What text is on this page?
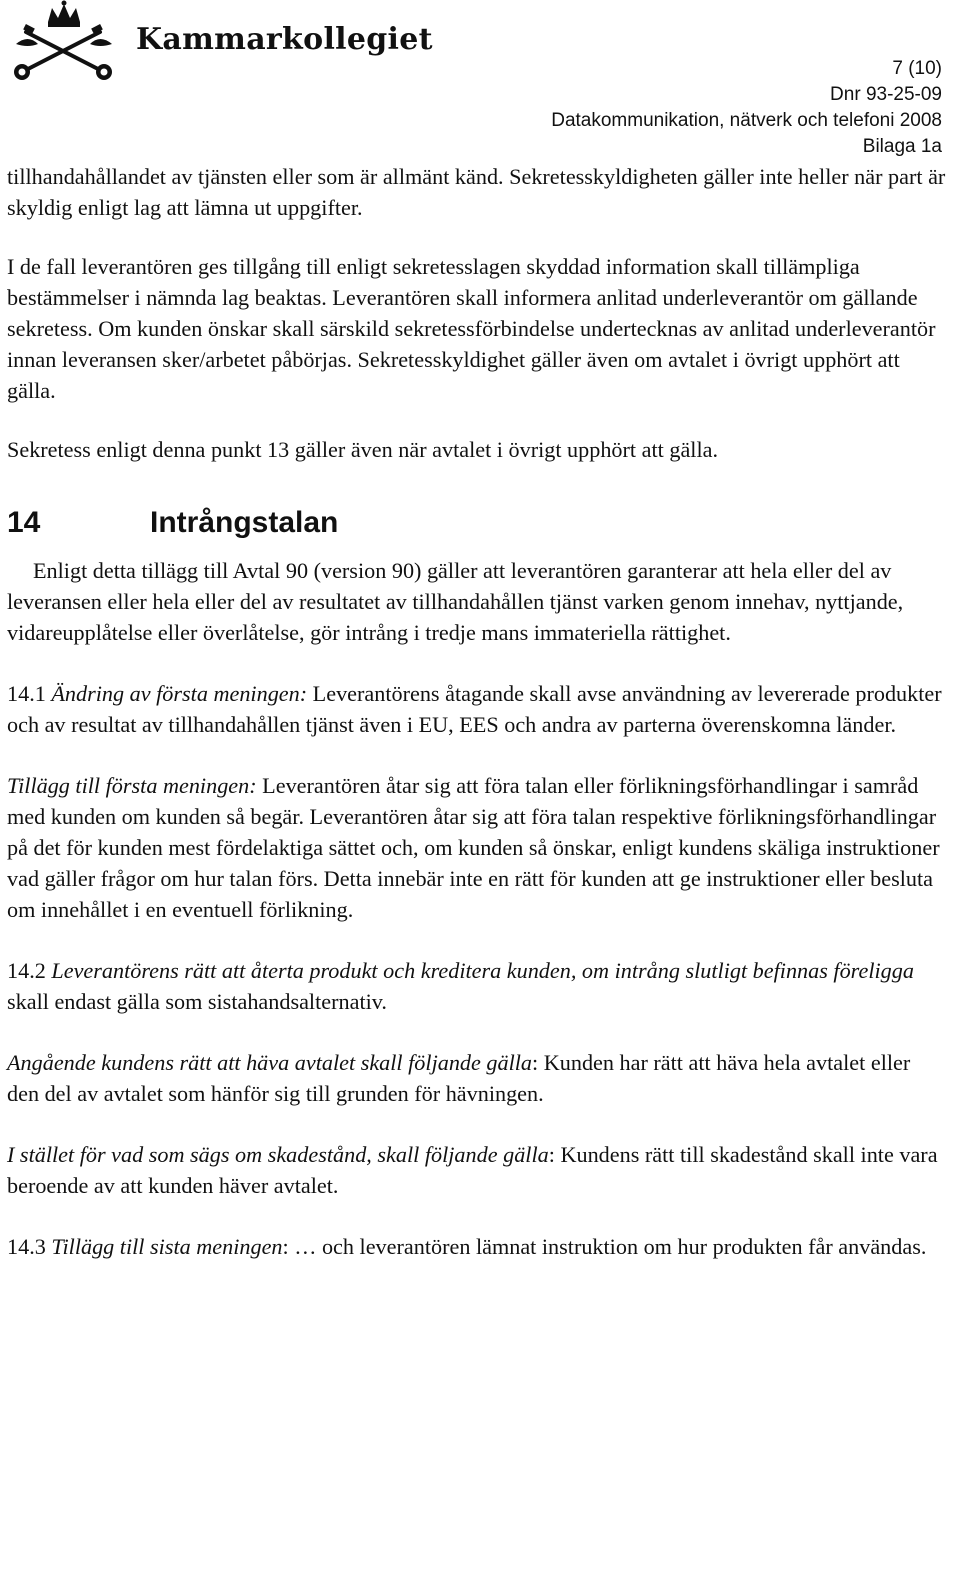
Kammarkollegiet
7 (10)
Dnr 93-25-09
Datakommunikation, nätverk och telefoni 2008
Bilaga 1a

tillhandahållandet av tjänsten eller som är allmänt känd. Sekretesskyldigheten gäller inte heller när part är skyldig enligt lag att lämna ut uppgifter.

I de fall leverantören ges tillgång till enligt sekretesslagen skyddad information skall tillämpliga bestämmelser i nämnda lag beaktas. Leverantören skall informera anlitad underleverantör om gällande sekretess. Om kunden önskar skall särskild sekretessförbindelse undertecknas av anlitad underleverantör innan leveransen sker/arbetet påbörjas. Sekretesskyldighet gäller även om avtalet i övrigt upphört att gälla.

Sekretess enligt denna punkt 13 gäller även när avtalet i övrigt upphört att gälla.

14	Intrångstalan

Enligt detta tillägg till Avtal 90 (version 90) gäller att leverantören garanterar att hela eller del av leveransen eller hela eller del av resultatet av tillhandahållen tjänst varken genom innehav, nyttjande, vidareupplåtelse eller överlåtelse, gör intrång i tredje mans immateriella rättighet.

14.1 Ändring av första meningen: Leverantörens åtagande skall avse användning av levererade produkter och av resultat av tillhandahållen tjänst även i EU, EES och andra av parterna överenskomna länder.

Tillägg till första meningen: Leverantören åtar sig att föra talan eller förlikningsförhandlingar i samråd med kunden om kunden så begär. Leverantören åtar sig att föra talan respektive förlikningsförhandlingar på det för kunden mest fördelaktiga sättet och, om kunden så önskar, enligt kundens skäliga instruktioner vad gäller frågor om hur talan förs. Detta innebär inte en rätt för kunden att ge instruktioner eller besluta om innehållet i en eventuell förlikning.

14.2 Leverantörens rätt att återta produkt och kreditera kunden, om intrång slutligt befinnas föreligga skall endast gälla som sistahandsalternativ.

Angående kundens rätt att häva avtalet skall följande gälla: Kunden har rätt att häva hela avtalet eller den del av avtalet som hänför sig till grunden för hävningen.

I stället för vad som sägs om skadestånd, skall följande gälla: Kundens rätt till skadestånd skall inte vara beroende av att kunden häver avtalet.

14.3 Tillägg till sista meningen: … och leverantören lämnat instruktion om hur produkten får användas.
